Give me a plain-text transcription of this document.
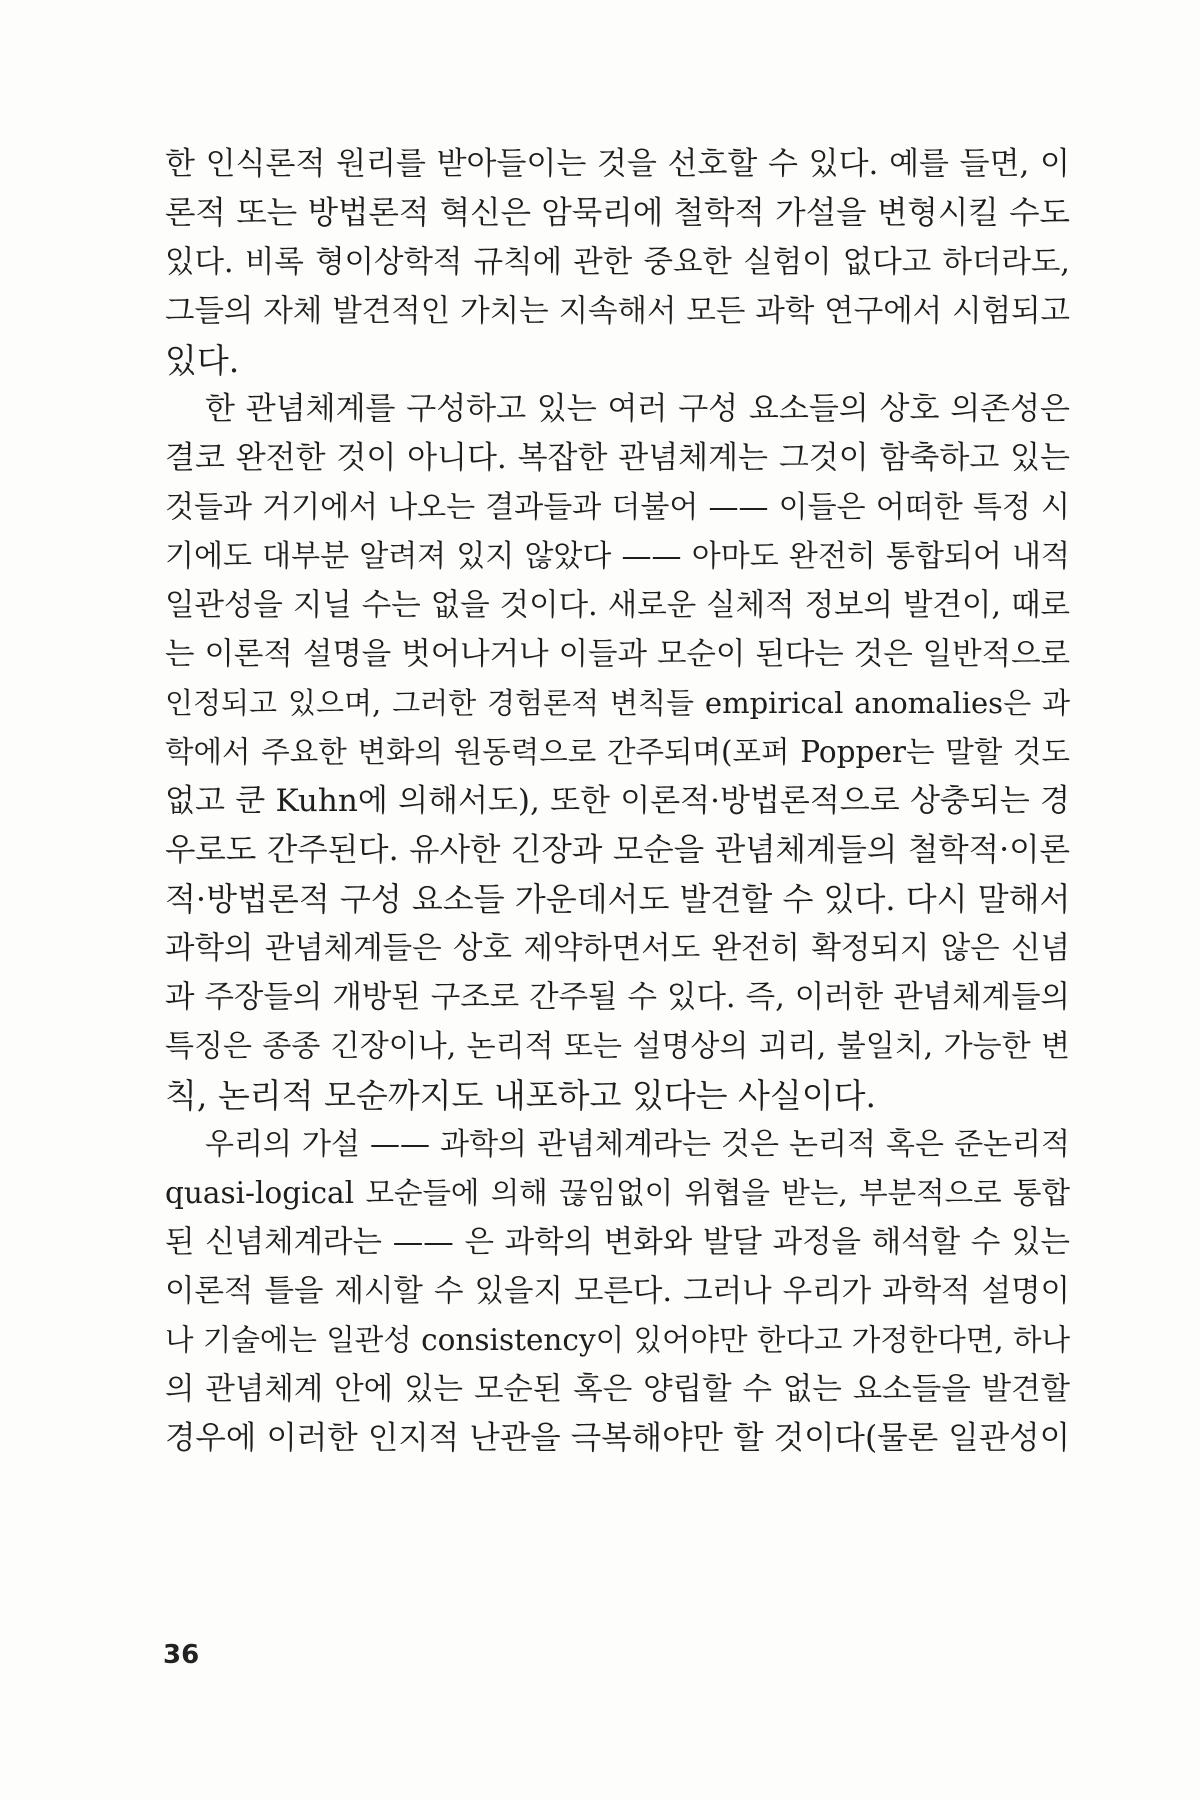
한 인식론적 원리를 받아들이는 것을 선호할 수 있다. 예를 들면, 이
론적 또는 방법론적 혁신은 암묵리에 철학적 가설을 변형시킬 수도
있다. 비록 형이상학적 규칙에 관한 중요한 실험이 없다고 하더라도,
그들의 자체 발견적인 가치는 지속해서 모든 과학 연구에서 시험되고
있다.
한 관념체계를 구성하고 있는 여러 구성 요소들의 상호 의존성은
결코 완전한 것이 아니다. 복잡한 관념체계는 그것이 함축하고 있는
것들과 거기에서 나오는 결과들과 더불어 —— 이들은 어떠한 특정 시
기에도 대부분 알려져 있지 않았다 —— 아마도 완전히 통합되어 내적
일관성을 지닐 수는 없을 것이다. 새로운 실체적 정보의 발견이, 때로
는 이론적 설명을 벗어나거나 이들과 모순이 된다는 것은 일반적으로
인정되고 있으며, 그러한 경험론적 변칙들 empirical anomalies은 과
학에서 주요한 변화의 원동력으로 간주되며(포퍼 Popper는 말할 것도
없고 쿤 Kuhn에 의해서도), 또한 이론적·방법론적으로 상충되는 경
우로도 간주된다. 유사한 긴장과 모순을 관념체계들의 철학적·이론
적·방법론적 구성 요소들 가운데서도 발견할 수 있다. 다시 말해서
과학의 관념체계들은 상호 제약하면서도 완전히 확정되지 않은 신념
과 주장들의 개방된 구조로 간주될 수 있다. 즉, 이러한 관념체계들의
특징은 종종 긴장이나, 논리적 또는 설명상의 괴리, 불일치, 가능한 변
칙, 논리적 모순까지도 내포하고 있다는 사실이다.
우리의 가설 —— 과학의 관념체계라는 것은 논리적 혹은 준논리적
quasi-logical 모순들에 의해 끊임없이 위협을 받는, 부분적으로 통합
된 신념체계라는 —— 은 과학의 변화와 발달 과정을 해석할 수 있는
이론적 틀을 제시할 수 있을지 모른다. 그러나 우리가 과학적 설명이
나 기술에는 일관성 consistency이 있어야만 한다고 가정한다면, 하나
의 관념체계 안에 있는 모순된 혹은 양립할 수 없는 요소들을 발견할
경우에 이러한 인지적 난관을 극복해야만 할 것이다(물론 일관성이
36
